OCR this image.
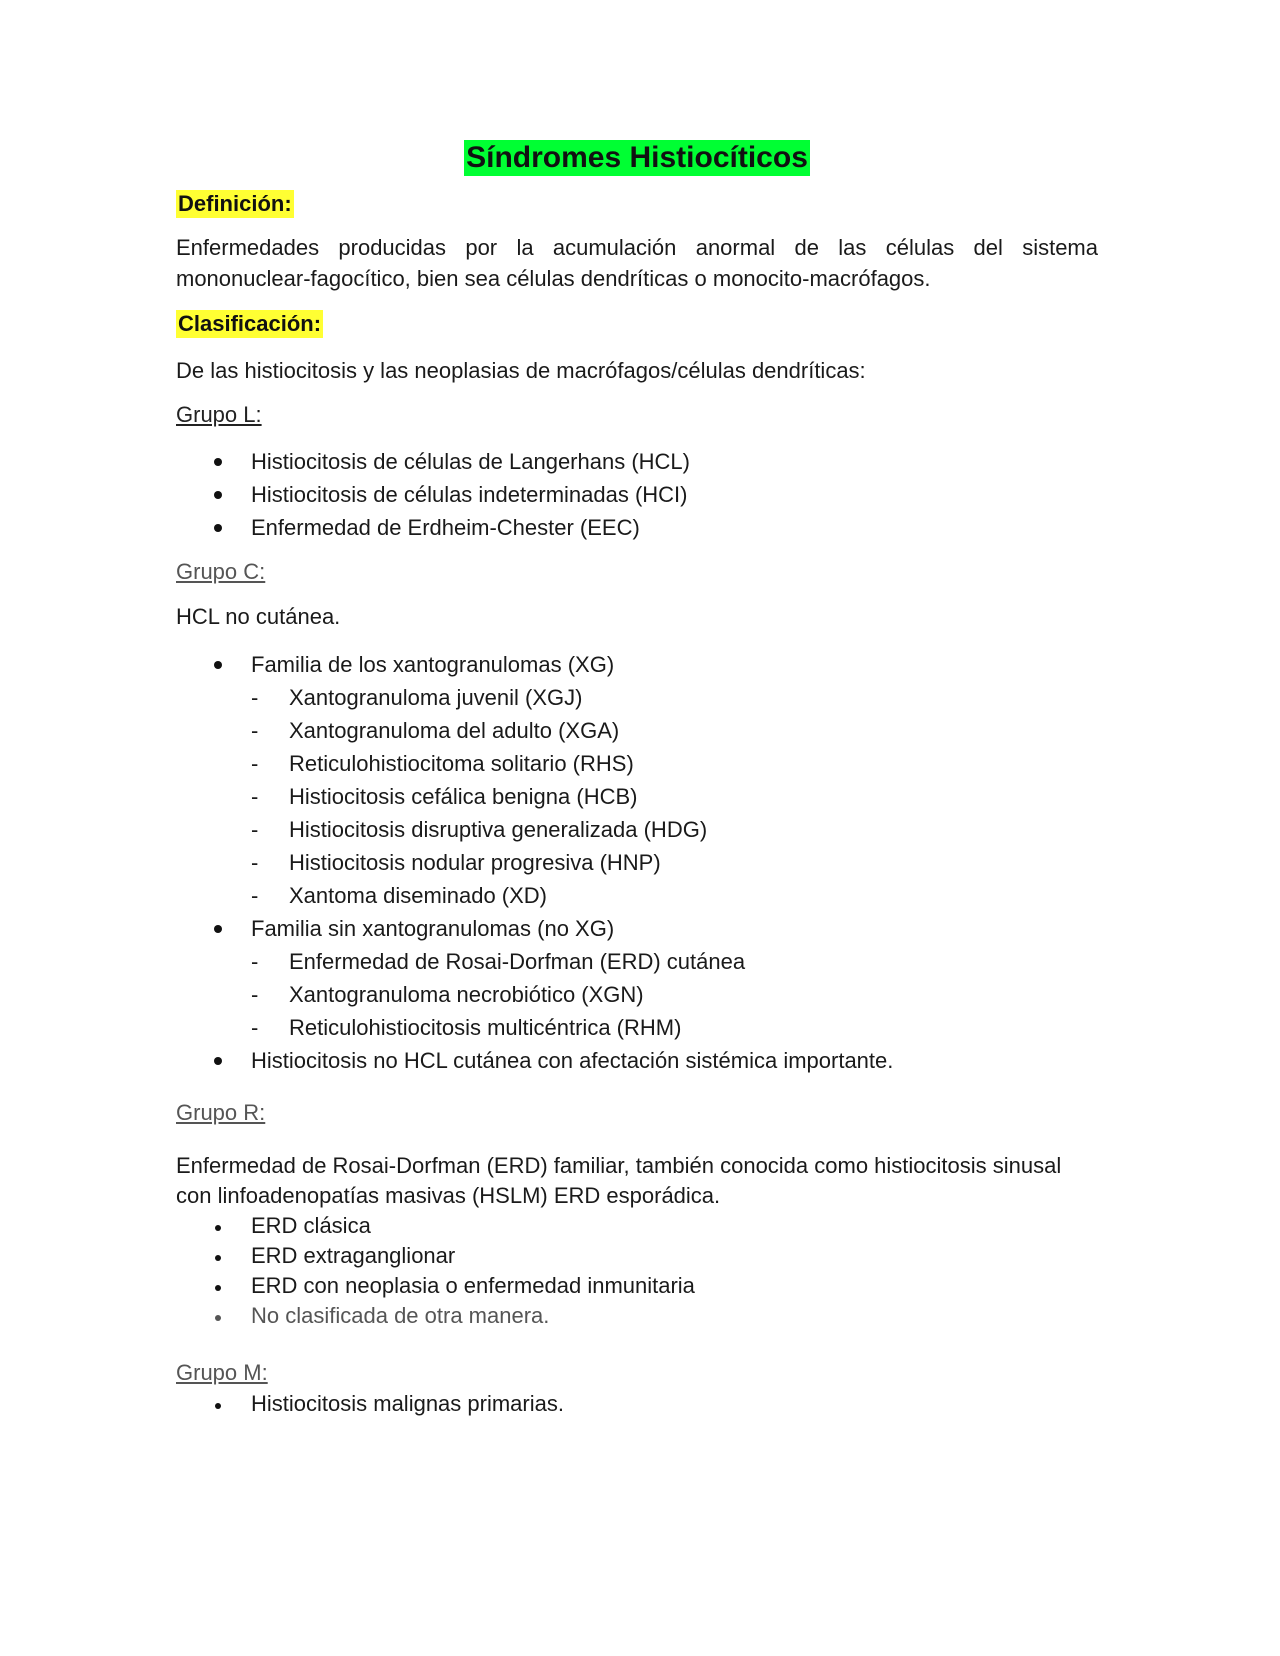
Síndromes Histiocíticos
Definición:

Enfermedades producidas por la acumulación anormal de las células del sistema mononuclear-fagocítico, bien sea células dendríticas o monocito-macrófagos.

Clasificación:

De las histiocitosis y las neoplasias de macrófagos/células dendríticas:

Grupo L:
Histiocitosis de células de Langerhans (HCL)
Histiocitosis de células indeterminadas (HCI)
Enfermedad de Erdheim-Chester (EEC)
Grupo C:

HCL no cutánea.

Familia de los xantogranulomas (XG)
- Xantogranuloma juvenil (XGJ)
- Xantogranuloma del adulto (XGA)
- Reticulohistiocitoma solitario (RHS)
- Histiocitosis cefálica benigna (HCB)
- Histiocitosis disruptiva generalizada (HDG)
- Histiocitosis nodular progresiva (HNP)
- Xantoma diseminado (XD)
Familia sin xantogranulomas (no XG)
- Enfermedad de Rosai-Dorfman (ERD) cutánea
- Xantogranuloma necrobiótico (XGN)
- Reticulohistiocitosis multicéntrica (RHM)
Histiocitosis no HCL cutánea con afectación sistémica importante.
Grupo R:

Enfermedad de Rosai-Dorfman (ERD) familiar, también conocida como histiocitosis sinusal con linfoadenopatías masivas (HSLM) ERD esporádica.

ERD clásica
ERD extraganglionar
ERD con neoplasia o enfermedad inmunitaria
No clasificada de otra manera.
Grupo M:
Histiocitosis malignas primarias.
